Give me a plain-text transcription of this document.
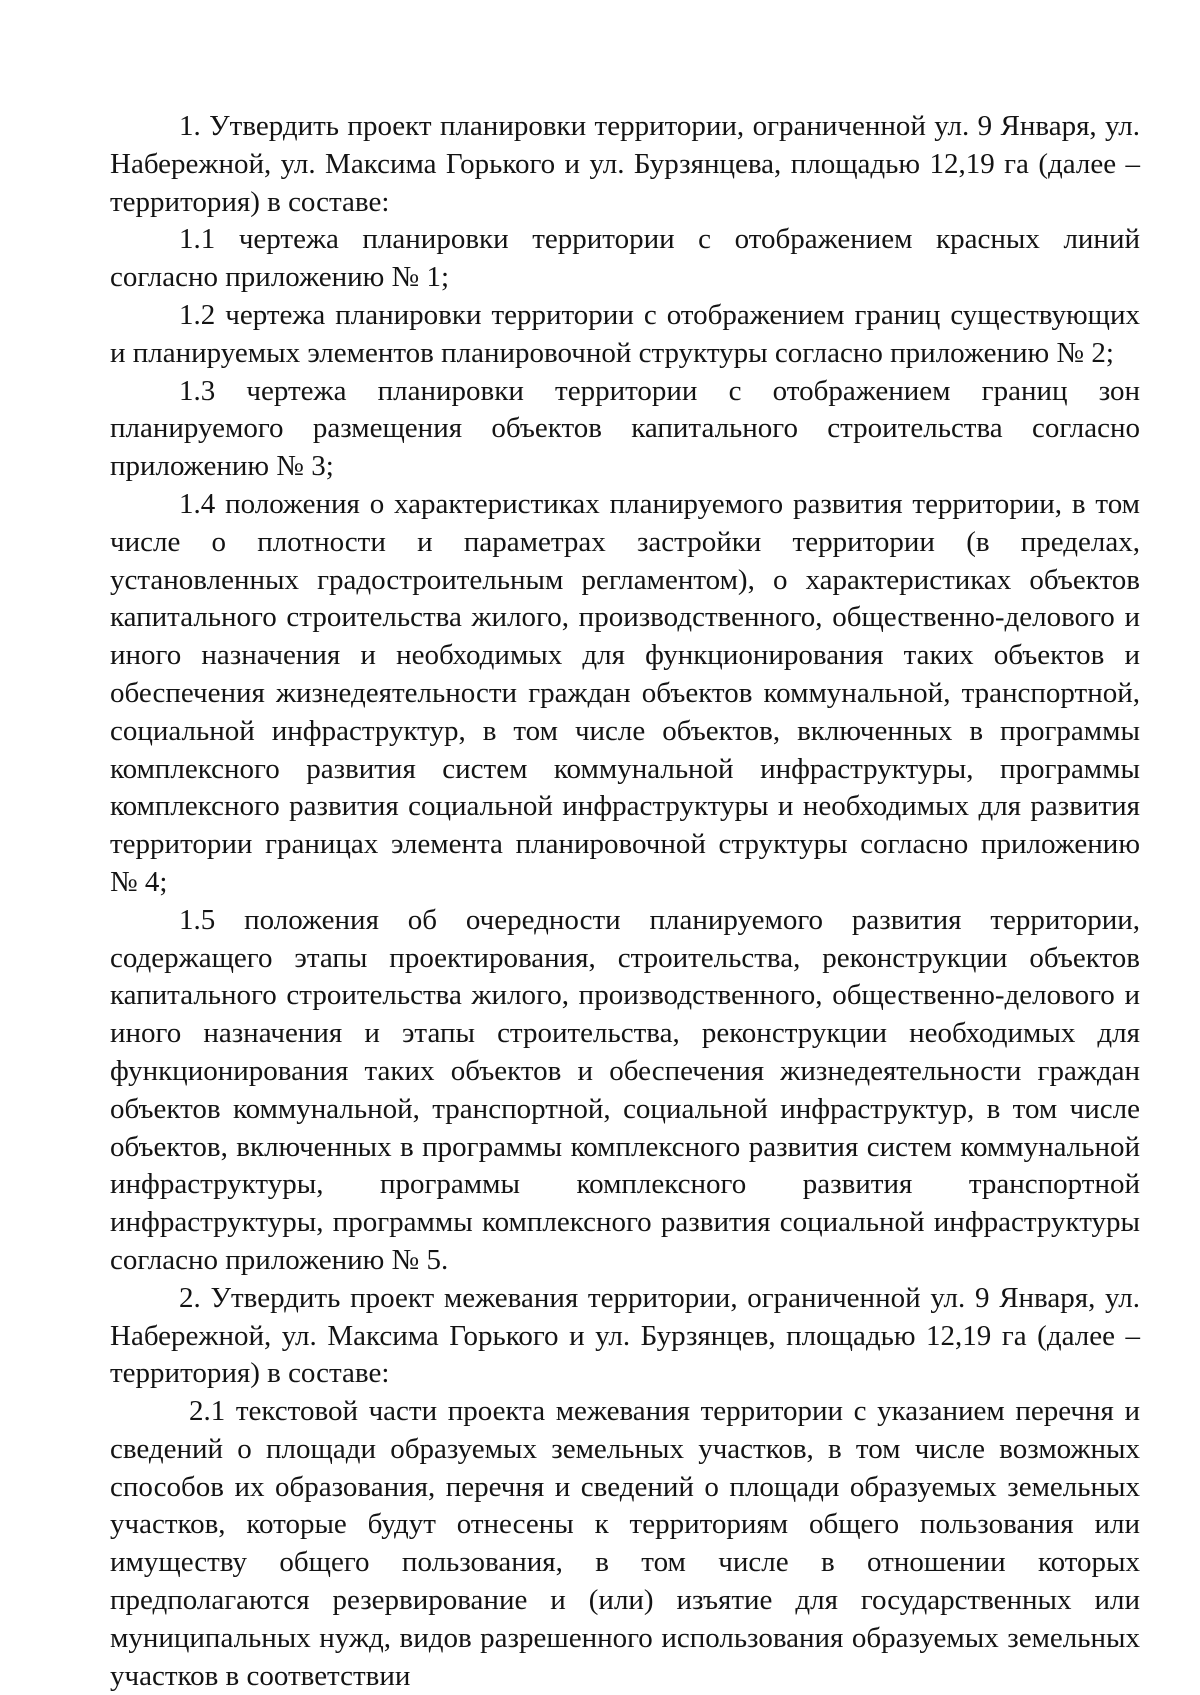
1. Утвердить проект планировки территории, ограниченной ул. 9 Января, ул. Набережной, ул. Максима Горького и ул. Бурзянцева, площадью 12,19 га (далее – территория) в составе:

1.1 чертежа планировки территории с отображением красных линий согласно приложению № 1;

1.2 чертежа планировки территории с отображением границ существующих и планируемых элементов планировочной структуры согласно приложению № 2;

1.3 чертежа планировки территории с отображением границ зон планируемого размещения объектов капитального строительства согласно приложению № 3;

1.4 положения о характеристиках планируемого развития территории, в том числе о плотности и параметрах застройки территории (в пределах, установленных градостроительным регламентом), о характеристиках объектов капитального строительства жилого, производственного, общественно-делового и иного назначения и необходимых для функционирования таких объектов и обеспечения жизнедеятельности граждан объектов коммунальной, транспортной, социальной инфраструктур, в том числе объектов, включенных в программы комплексного развития систем коммунальной инфраструктуры, программы комплексного развития социальной инфраструктуры и необходимых для развития территории границах элемента планировочной структуры согласно приложению № 4;

1.5 положения об очередности планируемого развития территории, содержащего этапы проектирования, строительства, реконструкции объектов капитального строительства жилого, производственного, общественно-делового и иного назначения и этапы строительства, реконструкции необходимых для функционирования таких объектов и обеспечения жизнедеятельности граждан объектов коммунальной, транспортной, социальной инфраструктур, в том числе объектов, включенных в программы комплексного развития систем коммунальной инфраструктуры, программы комплексного развития транспортной инфраструктуры, программы комплексного развития социальной инфраструктуры согласно приложению № 5.

2. Утвердить проект межевания территории, ограниченной ул. 9 Января, ул. Набережной, ул. Максима Горького и ул. Бурзянцев, площадью 12,19 га (далее – территория) в составе:

2.1 текстовой части проекта межевания территории с указанием перечня и сведений о площади образуемых земельных участков, в том числе возможных способов их образования, перечня и сведений о площади образуемых земельных участков, которые будут отнесены к территориям общего пользования или имуществу общего пользования, в том числе в отношении которых предполагаются резервирование и (или) изъятие для государственных или муниципальных нужд, видов разрешенного использования образуемых земельных участков в соответствии
